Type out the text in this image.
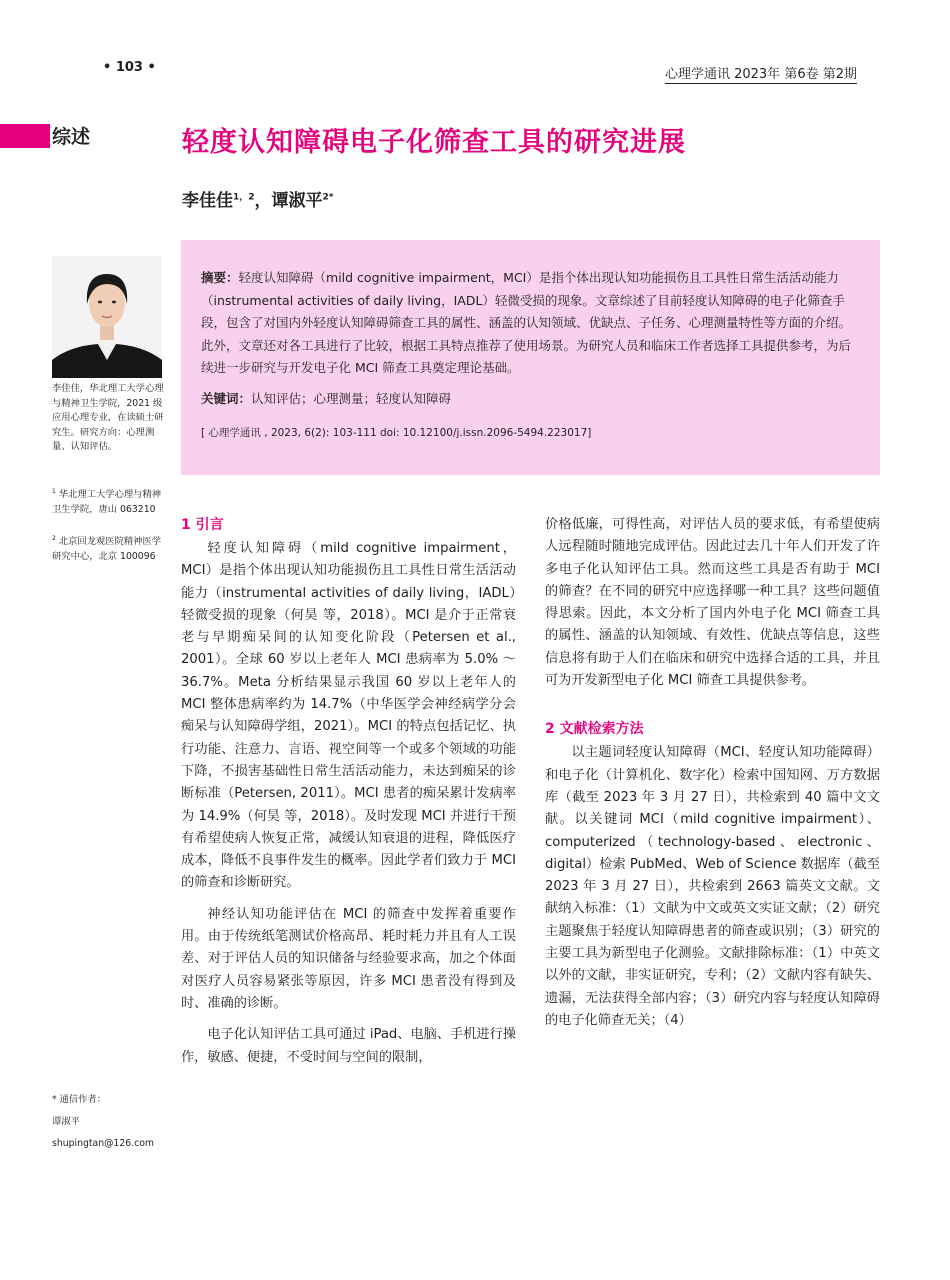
• 103 •	心理学通讯 2023年 第6卷 第2期
综述	轻度认知障碍电子化筛查工具的研究进展
李佳佳$^{1,2}$，谭淑平$^{2*}$

摘要：轻度认知障碍（mild cognitive impairment，MCI）是指个体出现认知功能损伤且工具性日常生活活动能力（instrumental activities of daily living，IADL）轻微受损的现象。文章综述了目前轻度认知障碍的电子化筛查手段，包含了对国内外轻度认知障碍筛查工具的属性、涵盖的认知领域、优缺点、子任务、心理测量特性等方面的介绍。此外，文章还对各工具进行了比较，根据工具特点推荐了使用场景。为研究人员和临床工作者选择工具提供参考，为后续进一步研究与开发电子化 MCI 筛查工具奠定理论基础。

关键词：认知评估；心理测量；轻度认知障碍

[ 心理学通讯 , 2023, 6(2): 103-111 doi: 10.12100/j.issn.2096-5494.223017]

李佳佳，华北理工大学心理与精神卫生学院，2021 级应用心理专业，在读硕士研究生。研究方向：心理测量、认知评估。
$^1$ 华北理工大学心理与精神卫生学院，唐山 063210
$^2$ 北京回龙观医院精神医学研究中心，北京 100096
* 通信作者：
谭淑平
shupingtan@126.com
1 引言

轻度认知障碍（mild cognitive impairment，MCI）是指个体出现认知功能损伤且工具性日常生活活动能力（instrumental activities of daily living，IADL）轻微受损的现象（何昊 等，2018）。MCI 是介于正常衰老与早期痴呆间的认知变化阶段（Petersen et al., 2001）。全球 60 岁以上老年人 MCI 患病率为 5.0% ～ 36.7%。Meta 分析结果显示我国 60 岁以上老年人的 MCI 整体患病率约为 14.7%（中华医学会神经病学分会痴呆与认知障碍学组，2021）。MCI 的特点包括记忆、执行功能、注意力、言语、视空间等一个或多个领域的功能下降，不损害基础性日常生活活动能力，未达到痴呆的诊断标准（Petersen, 2011）。MCI 患者的痴呆累计发病率为 14.9%（何昊 等，2018）。及时发现 MCI 并进行干预有希望使病人恢复正常，减缓认知衰退的进程，降低医疗成本，降低不良事件发生的概率。因此学者们致力于 MCI 的筛查和诊断研究。

神经认知功能评估在 MCI 的筛查中发挥着重要作用。由于传统纸笔测试价格高昂、耗时耗力并且有人工误差、对于评估人员的知识储备与经验要求高，加之个体面对医疗人员容易紧张等原因，许多 MCI 患者没有得到及时、准确的诊断。

电子化认知评估工具可通过 iPad、电脑、手机进行操作，敏感、便捷，不受时间与空间的限制，

价格低廉，可得性高，对评估人员的要求低，有希望使病人远程随时随地完成评估。因此过去几十年人们开发了许多电子化认知评估工具。然而这些工具是否有助于 MCI 的筛查？在不同的研究中应选择哪一种工具？这些问题值得思索。因此，本文分析了国内外电子化 MCI 筛查工具的属性、涵盖的认知领域、有效性、优缺点等信息，这些信息将有助于人们在临床和研究中选择合适的工具，并且可为开发新型电子化 MCI 筛查工具提供参考。

2 文献检索方法

以主题词轻度认知障碍（MCI、轻度认知功能障碍）和电子化（计算机化、数字化）检索中国知网、万方数据库（截至 2023 年 3 月 27 日），共检索到 40 篇中文文献。以关键词 MCI（mild cognitive impairment）、computerized（technology-based、electronic、digital）检索 PubMed、Web of Science 数据库（截至 2023 年 3 月 27 日），共检索到 2663 篇英文文献。文献纳入标准：（1）文献为中文或英文实证文献；（2）研究主题聚焦于轻度认知障碍患者的筛查或识别；（3）研究的主要工具为新型电子化测验。文献排除标准：（1）中英文以外的文献，非实证研究，专利；（2）文献内容有缺失、遗漏，无法获得全部内容；（3）研究内容与轻度认知障碍的电子化筛查无关；（4）
